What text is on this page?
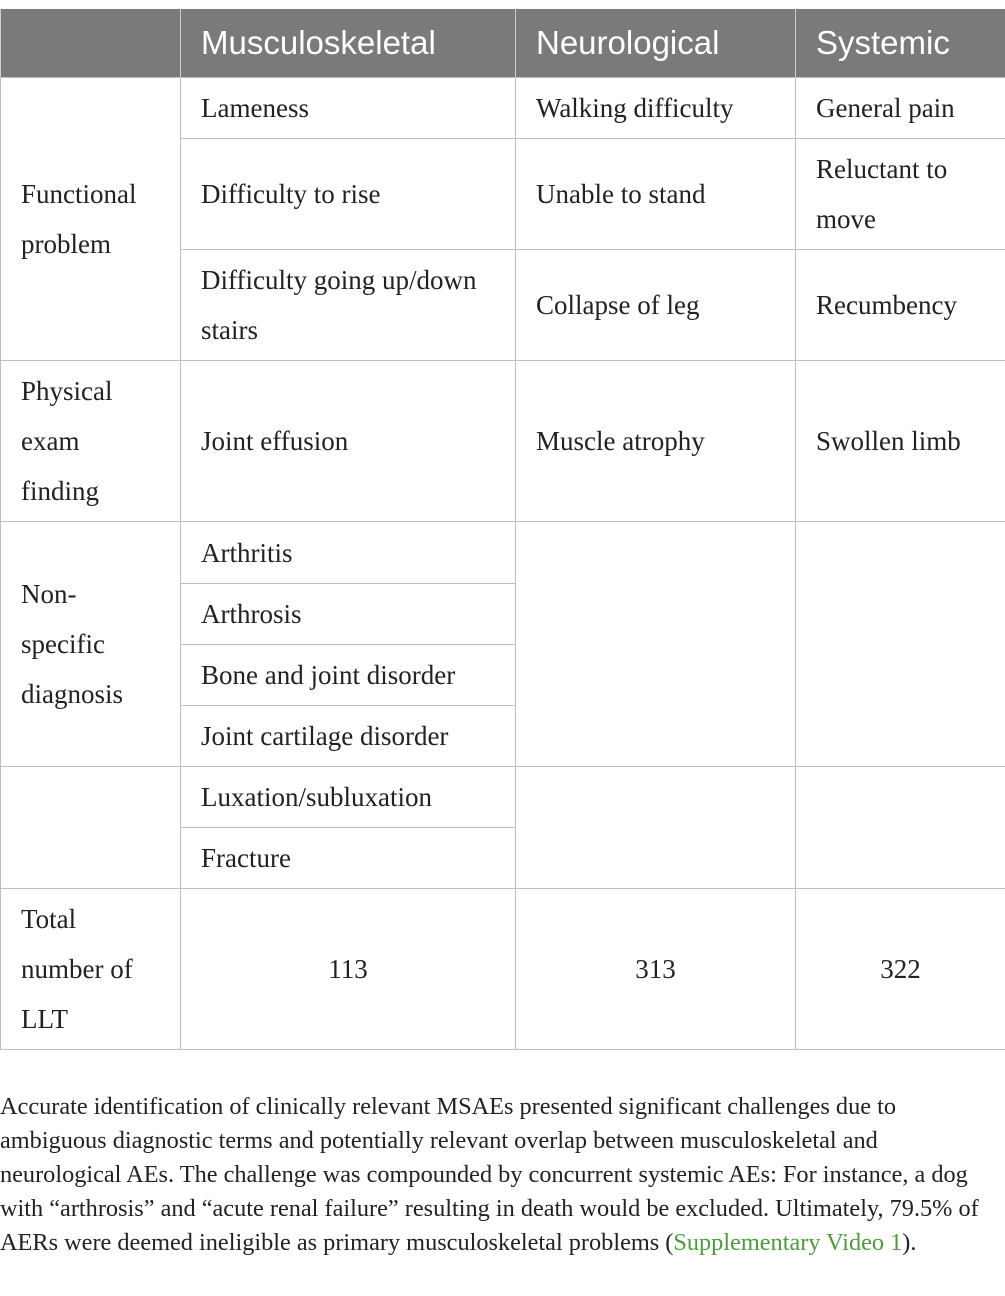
	Musculoskeletal	Neurological	Systemic
Functional problem	Lameness	Walking difficulty	General pain
	Difficulty to rise	Unable to stand	Reluctant to move
	Difficulty going up/down stairs	Collapse of leg	Recumbency
Physical exam finding	Joint effusion	Muscle atrophy	Swollen limb
Non-specific diagnosis	Arthritis		
	Arthrosis		
	Bone and joint disorder		
	Joint cartilage disorder		
	Luxation/subluxation		
	Fracture		
Total number of LLT	113	313	322

Accurate identification of clinically relevant MSAEs presented significant challenges due to ambiguous diagnostic terms and potentially relevant overlap between musculoskeletal and neurological AEs. The challenge was compounded by concurrent systemic AEs: For instance, a dog with “arthrosis” and “acute renal failure” resulting in death would be excluded. Ultimately, 79.5% of AERs were deemed ineligible as primary musculoskeletal problems (Supplementary Video 1).
